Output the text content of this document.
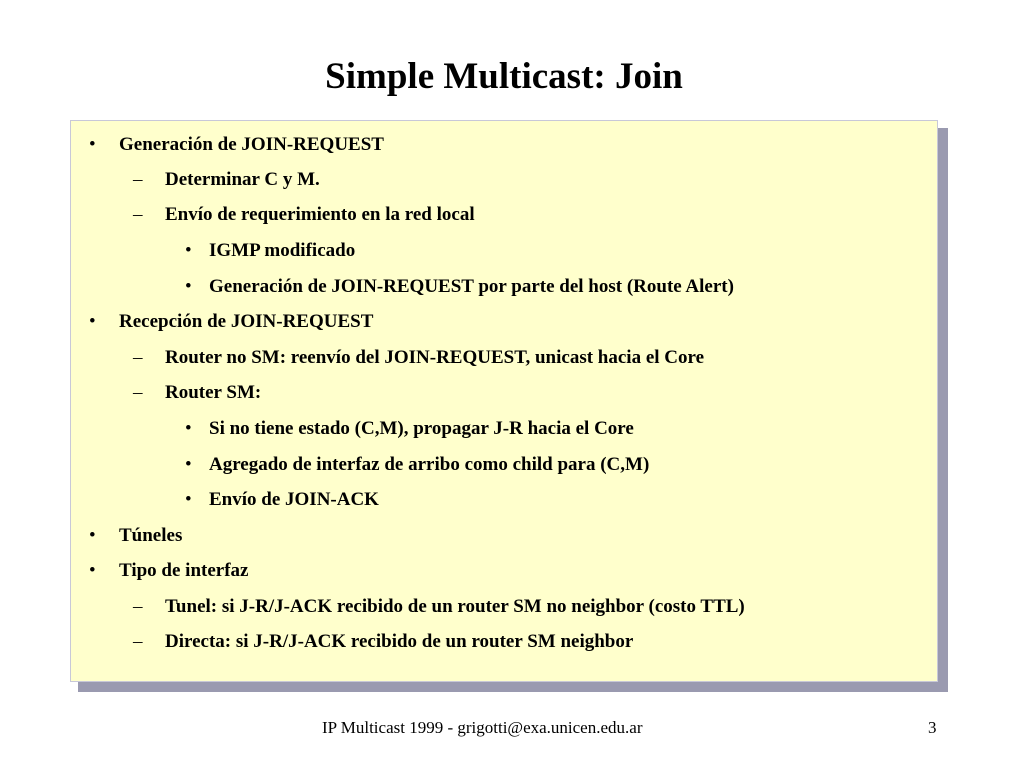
Simple Multicast: Join
• Generación de JOIN-REQUEST
– Determinar C y M.
– Envío de requerimiento en la red local
• IGMP modificado
• Generación de JOIN-REQUEST por parte del host (Route Alert)
• Recepción de JOIN-REQUEST
– Router no SM: reenvío del JOIN-REQUEST, unicast hacia el Core
– Router SM:
• Si no tiene estado (C,M), propagar J-R hacia el Core
• Agregado de interfaz de arribo como child para (C,M)
• Envío de JOIN-ACK
• Túneles
• Tipo de interfaz
– Tunel: si J-R/J-ACK recibido de un router SM no neighbor (costo TTL)
– Directa: si J-R/J-ACK recibido de un router SM neighbor
IP Multicast 1999 - grigotti@exa.unicen.edu.ar	3
